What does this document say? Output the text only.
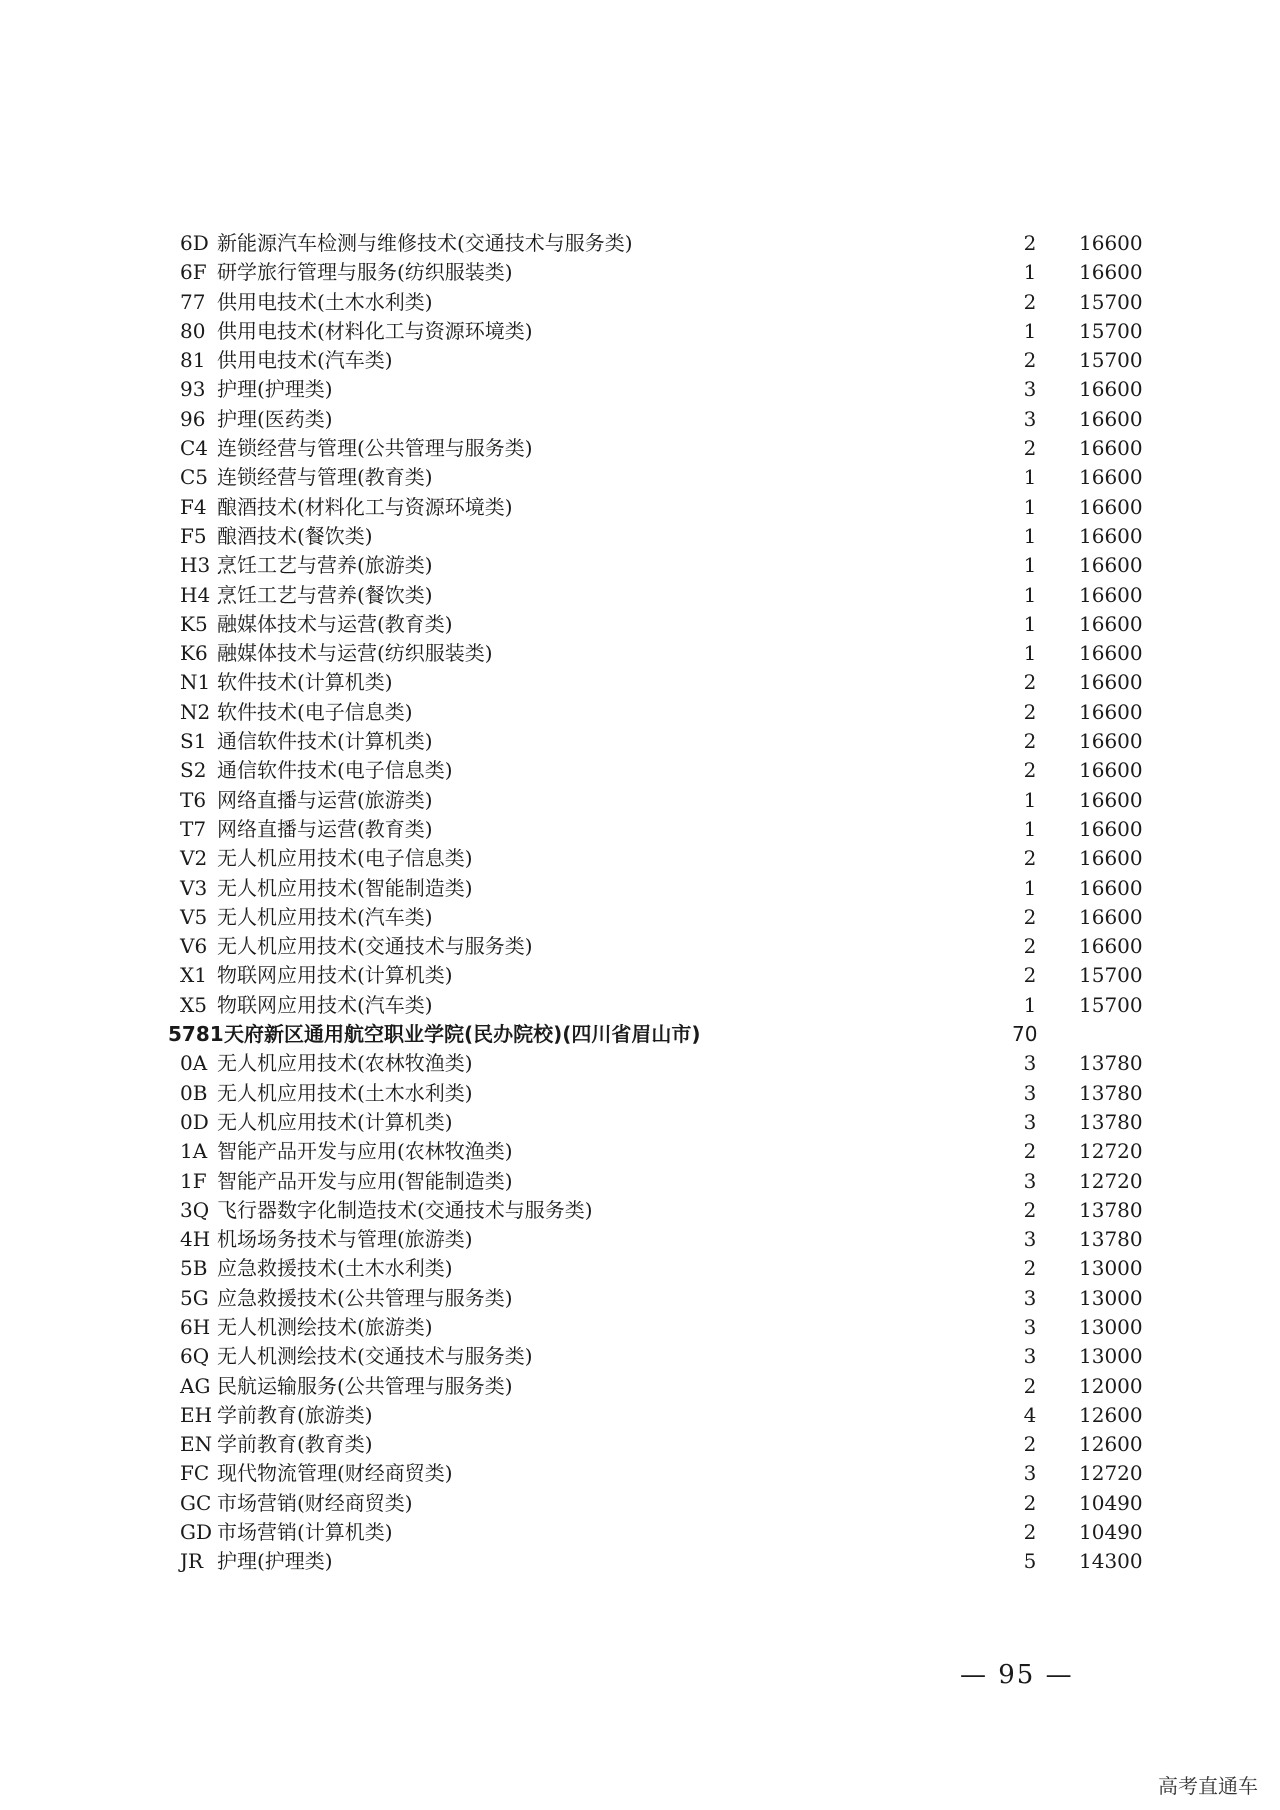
6D 新能源汽车检测与维修技术(交通技术与服务类)	2 16600
6F 研学旅行管理与服务(纺织服装类)	1 16600
77 供用电技术(土木水利类)	2 15700
80 供用电技术(材料化工与资源环境类)	1 15700
81 供用电技术(汽车类)	2 15700
93 护理(护理类)	3 16600
96 护理(医药类)	3 16600
C4 连锁经营与管理(公共管理与服务类)	2 16600
C5 连锁经营与管理(教育类)	1 16600
F4 酿酒技术(材料化工与资源环境类)	1 16600
F5 酿酒技术(餐饮类)	1 16600
H3 烹饪工艺与营养(旅游类)	1 16600
H4 烹饪工艺与营养(餐饮类)	1 16600
K5 融媒体技术与运营(教育类)	1 16600
K6 融媒体技术与运营(纺织服装类)	1 16600
N1 软件技术(计算机类)	2 16600
N2 软件技术(电子信息类)	2 16600
S1 通信软件技术(计算机类)	2 16600
S2 通信软件技术(电子信息类)	2 16600
T6 网络直播与运营(旅游类)	1 16600
T7 网络直播与运营(教育类)	1 16600
V2 无人机应用技术(电子信息类)	2 16600
V3 无人机应用技术(智能制造类)	1 16600
V5 无人机应用技术(汽车类)	2 16600
V6 无人机应用技术(交通技术与服务类)	2 16600
X1 物联网应用技术(计算机类)	2 15700
X5 物联网应用技术(汽车类)	1 15700
5781 天府新区通用航空职业学院(民办院校)(四川省眉山市)	70
0A 无人机应用技术(农林牧渔类)	3 13780
0B 无人机应用技术(土木水利类)	3 13780
0D 无人机应用技术(计算机类)	3 13780
1A 智能产品开发与应用(农林牧渔类)	2 12720
1F 智能产品开发与应用(智能制造类)	3 12720
3Q 飞行器数字化制造技术(交通技术与服务类)	2 13780
4H 机场场务技术与管理(旅游类)	3 13780
5B 应急救援技术(土木水利类)	2 13000
5G 应急救援技术(公共管理与服务类)	3 13000
6H 无人机测绘技术(旅游类)	3 13000
6Q 无人机测绘技术(交通技术与服务类)	3 13000
AG 民航运输服务(公共管理与服务类)	2 12000
EH 学前教育(旅游类)	4 12600
EN 学前教育(教育类)	2 12600
FC 现代物流管理(财经商贸类)	3 12720
GC 市场营销(财经商贸类)	2 10490
GD 市场营销(计算机类)	2 10490
JR 护理(护理类)	5 14300
— 95 —
高考直通车
